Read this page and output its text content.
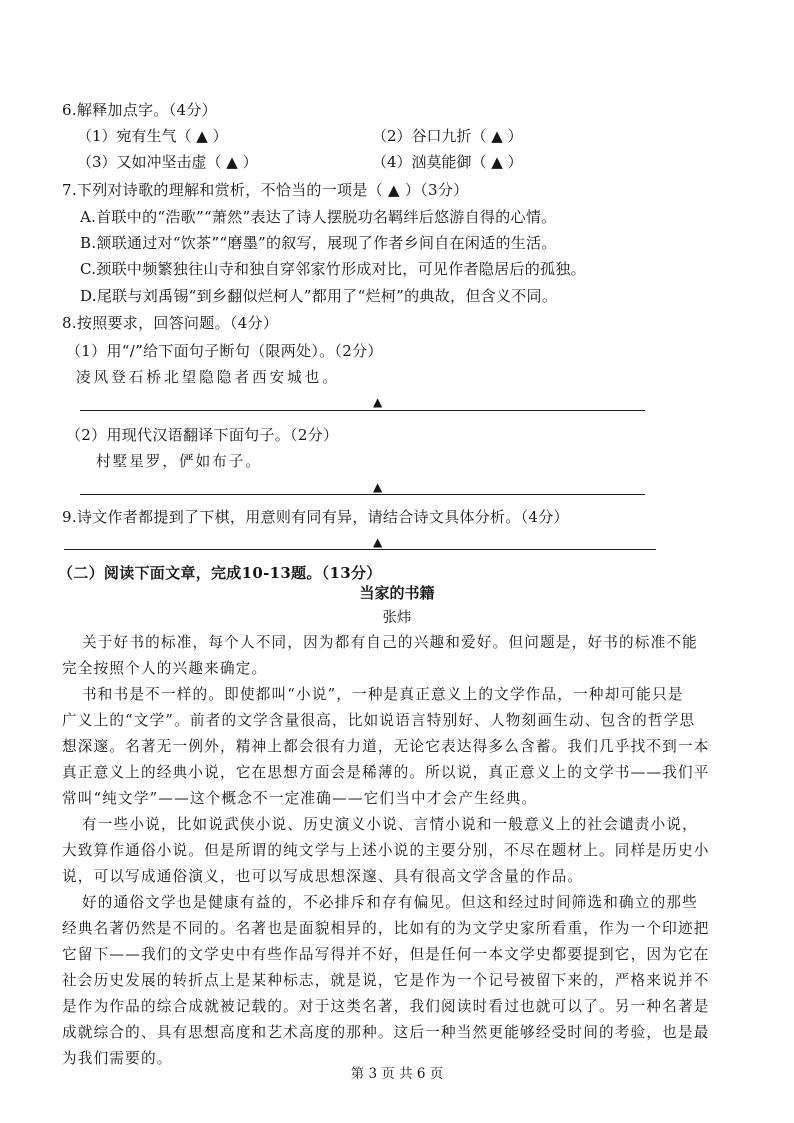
6.解释加点字。（4分）
（1）宛有生气（ ▲ ）	（2）谷口九折（ ▲ ）
（3）又如冲坚击虚（ ▲ ）	（4）汹莫能御（ ▲ ）
7.下列对诗歌的理解和赏析，不恰当的一项是（ ▲ ）（3分）
A.首联中的“浩歌”“萧然”表达了诗人摆脱功名羁绊后悠游自得的心情。
B.颔联通过对“饮茶”“磨墨”的叙写，展现了作者乡间自在闲适的生活。
C.颈联中频繁独往山寺和独自穿邻家竹形成对比，可见作者隐居后的孤独。
D.尾联与刘禹锡“到乡翻似烂柯人”都用了“烂柯”的典故，但含义不同。
8.按照要求，回答问题。（4分）
（1）用“/”给下面句子断句（限两处）。（2分）
凌风登石桥北望隐隐者西安城也。
▲
（2）用现代汉语翻译下面句子。（2分）
村墅星罗，俨如布子。
▲
9.诗文作者都提到了下棋，用意则有同有异，请结合诗文具体分析。（4分）
▲
（二）阅读下面文章，完成10-13题。（13分）
当家的书籍
张炜
关于好书的标准，每个人不同，因为都有自己的兴趣和爱好。但问题是，好书的标准不能
完全按照个人的兴趣来确定。
书和书是不一样的。即使都叫“小说”，一种是真正意义上的文学作品，一种却可能只是
广义上的“文学”。前者的文学含量很高，比如说语言特别好、人物刻画生动、包含的哲学思
想深邃。名著无一例外，精神上都会很有力道，无论它表达得多么含蓄。我们几乎找不到一本
真正意义上的经典小说，它在思想方面会是稀薄的。所以说，真正意义上的文学书——我们平
常叫“纯文学”——这个概念不一定准确——它们当中才会产生经典。
有一些小说，比如说武侠小说、历史演义小说、言情小说和一般意义上的社会谴责小说，
大致算作通俗小说。但是所谓的纯文学与上述小说的主要分别，不尽在题材上。同样是历史小
说，可以写成通俗演义，也可以写成思想深邃、具有很高文学含量的作品。
好的通俗文学也是健康有益的，不必排斥和存有偏见。但这和经过时间筛选和确立的那些
经典名著仍然是不同的。名著也是面貌相异的，比如有的为文学史家所看重，作为一个印迹把
它留下——我们的文学史中有些作品写得并不好，但是任何一本文学史都要提到它，因为它在
社会历史发展的转折点上是某种标志，就是说，它是作为一个记号被留下来的，严格来说并不
是作为作品的综合成就被记载的。对于这类名著，我们阅读时看过也就可以了。另一种名著是
成就综合的、具有思想高度和艺术高度的那种。这后一种当然更能够经受时间的考验，也是最
为我们需要的。
第 3 页 共 6 页
